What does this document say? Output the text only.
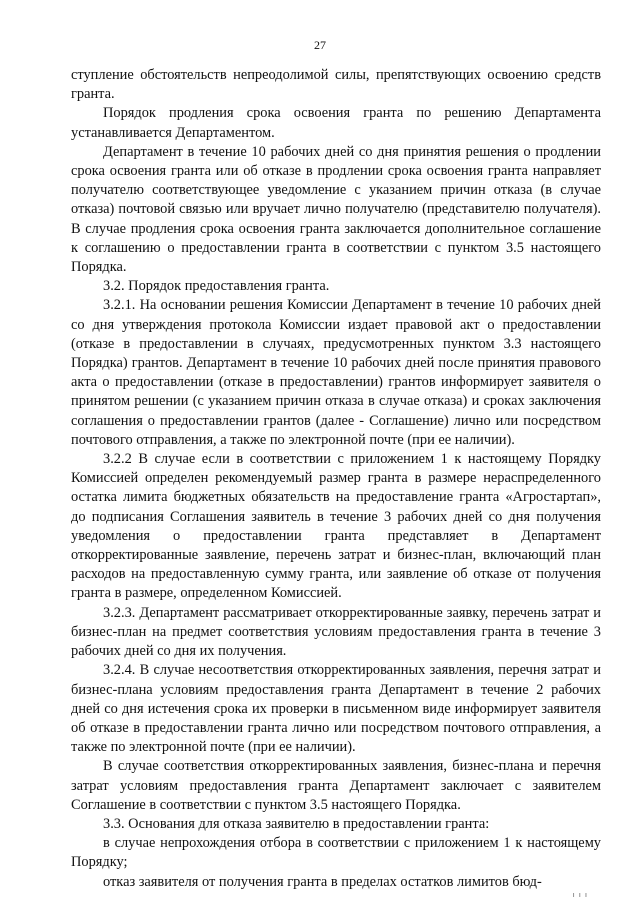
27

ступление обстоятельств непреодолимой силы, препятствующих освоению средств гранта.

Порядок продления срока освоения гранта по решению Департамента устанавливается Департаментом.

Департамент в течение 10 рабочих дней со дня принятия решения о продлении срока освоения гранта или об отказе в продлении срока освоения гранта направляет получателю соответствующее уведомление с указанием причин отказа (в случае отказа) почтовой связью или вручает лично получателю (представителю получателя). В случае продления срока освоения гранта заключается дополнительное соглашение к соглашению о предоставлении гранта в соответствии с пунктом 3.5 настоящего Порядка.

3.2. Порядок предоставления гранта.

3.2.1. На основании решения Комиссии Департамент в течение 10 рабочих дней со дня утверждения протокола Комиссии издает правовой акт о предоставлении (отказе в предоставлении в случаях, предусмотренных пунктом 3.3 настоящего Порядка) грантов. Департамент в течение 10 рабочих дней после принятия правового акта о предоставлении (отказе в предоставлении) грантов информирует заявителя о принятом решении (с указанием причин отказа в случае отказа) и сроках заключения соглашения о предоставлении грантов (далее - Соглашение) лично или посредством почтового отправления, а также по электронной почте (при ее наличии).

3.2.2 В случае если в соответствии с приложением 1 к настоящему Порядку Комиссией определен рекомендуемый размер гранта в размере нераспределенного остатка лимита бюджетных обязательств на предоставление гранта «Агростартап», до подписания Соглашения заявитель в течение 3 рабочих дней со дня получения уведомления о предоставлении гранта представляет в Департамент откорректированные заявление, перечень затрат и бизнес-план, включающий план расходов на предоставленную сумму гранта, или заявление об отказе от получения гранта в размере, определенном Комиссией.

3.2.3. Департамент рассматривает откорректированные заявку, перечень затрат и бизнес-план на предмет соответствия условиям предоставления гранта в течение 3 рабочих дней со дня их получения.

3.2.4. В случае несоответствия откорректированных заявления, перечня затрат и бизнес-плана условиям предоставления гранта Департамент в течение 2 рабочих дней со дня истечения срока их проверки в письменном виде информирует заявителя об отказе в предоставлении гранта лично или посредством почтового отправления, а также по электронной почте (при ее наличии).

В случае соответствия откорректированных заявления, бизнес-плана и перечня затрат условиям предоставления гранта Департамент заключает с заявителем Соглашение в соответствии с пунктом 3.5 настоящего Порядка.

3.3. Основания для отказа заявителю в предоставлении гранта:

в случае непрохождения отбора в соответствии с приложением 1 к настоящему Порядку;

отказ заявителя от получения гранта в пределах остатков лимитов бюд-

ı ı ı
